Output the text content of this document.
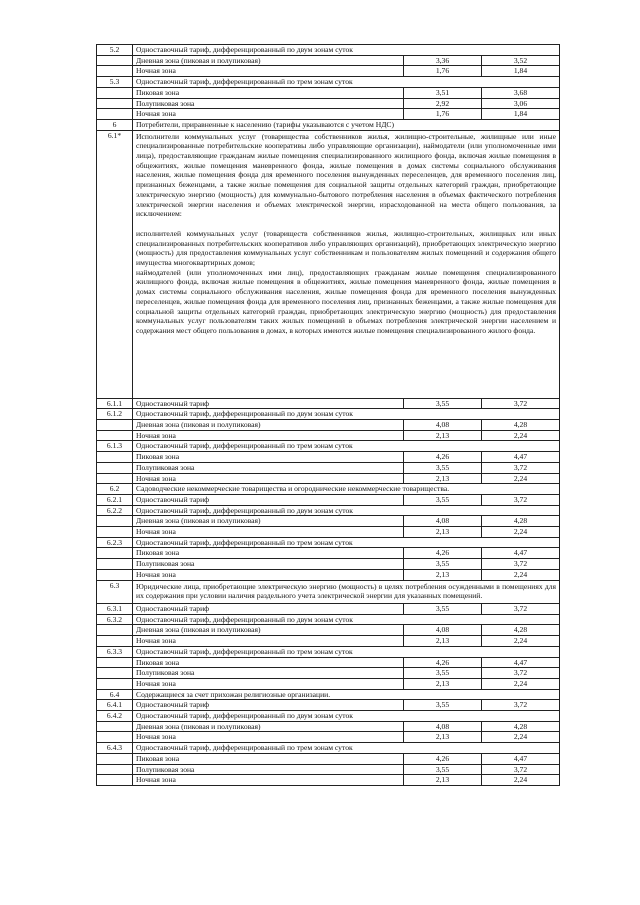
5.2	Одноставочный тариф, дифференцированный по двум зонам суток		
	Дневная зона (пиковая и полупиковая)	3,36	3,52
	Ночная зона	1,76	1,84
5.3	Одноставочный тариф, дифференцированный по трем зонам суток		
	Пиковая зона	3,51	3,68
	Полупиковая зона	2,92	3,06
	Ночная зона	1,76	1,84
6	Потребители, приравненные к населению (тарифы указываются с учетом НДС)		
6.1*	Исполнители коммунальных услуг (товарищества собственников жилья, жилищно-строительные, жилищные или иные специализированные потребительские кооперативы либо управляющие организации), наймодатели (или уполномоченные ими лица), предоставляющие гражданам жилые помещения специализированного жилищного фонда, включая жилые помещения в общежитиях, жилые помещения маневренного фонда, жилые помещения в домах системы социального обслуживания населения, жилые помещения фонда для временного поселения вынужденных переселенцев, для временного поселения лиц, признанных беженцами, а также жилые помещения для социальной защиты отдельных категорий граждан, приобретающие электрическую энергию (мощность) для коммунально-бытового потребления населения в объемах фактического потребления электрической энергии населения и объемах электрической энергии, израсходованной на места общего пользования, за исключением:

исполнителей коммунальных услуг (товариществ собственников жилья, жилищно-строительных, жилищных или иных специализированных потребительских кооперативов либо управляющих организаций), приобретающих электрическую энергию (мощность) для предоставления коммунальных услуг собственникам и пользователям жилых помещений и содержания общего имущества многоквартирных домов;

наймодателей (или уполномоченных ими лиц), предоставляющих гражданам жилые помещения специализированного жилищного фонда, включая жилые помещения в общежитиях, жилые помещения маневренного фонда, жилые помещения в домах системы социального обслуживания населения, жилые помещения фонда для временного поселения вынужденных переселенцев, жилые помещения фонда для временного поселения лиц, признанных беженцами, а также жилые помещения для социальной защиты отдельных категорий граждан, приобретающих электрическую энергию (мощность) для предоставления коммунальных услуг пользователям таких жилых помещений в объемах потребления электрической энергии населением и содержания мест общего пользования в домах, в которых имеются жилые помещения специализированного жилого фонда.		

6.1.1	Одноставочный тариф	3,55	3,72
6.1.2	Одноставочный тариф, дифференцированный по двум зонам суток		
	Дневная зона (пиковая и полупиковая)	4,08	4,28
	Ночная зона	2,13	2,24
6.1.3	Одноставочный тариф, дифференцированный по трем зонам суток		
	Пиковая зона	4,26	4,47
	Полупиковая зона	3,55	3,72
	Ночная зона	2,13	2,24
6.2	Садоводческие некоммерческие товарищества и огороднические некоммерческие товарищества.		
6.2.1	Одноставочный тариф	3,55	3,72
6.2.2	Одноставочный тариф, дифференцированный по двум зонам суток		
	Дневная зона (пиковая и полупиковая)	4,08	4,28
	Ночная зона	2,13	2,24
6.2.3	Одноставочный тариф, дифференцированный по трем зонам суток		
	Пиковая зона	4,26	4,47
	Полупиковая зона	3,55	3,72
	Ночная зона	2,13	2,24
6.3	Юридические лица, приобретающие электрическую энергию (мощность) в целях потребления осужденными в помещениях для их содержания при условии наличия раздельного учета электрической энергии для указанных помещений.		

6.3.1	Одноставочный тариф	3,55	3,72
6.3.2	Одноставочный тариф, дифференцированный по двум зонам суток		
	Дневная зона (пиковая и полупиковая)	4,08	4,28
	Ночная зона	2,13	2,24
6.3.3	Одноставочный тариф, дифференцированный по трем зонам суток		
	Пиковая зона	4,26	4,47
	Полупиковая зона	3,55	3,72
	Ночная зона	2,13	2,24
6.4	Содержащиеся за счет прихожан религиозные организации.		
6.4.1	Одноставочный тариф	3,55	3,72
6.4.2	Одноставочный тариф, дифференцированный по двум зонам суток		
	Дневная зона (пиковая и полупиковая)	4,08	4,28
	Ночная зона	2,13	2,24
6.4.3	Одноставочный тариф, дифференцированный по трем зонам суток		
	Пиковая зона	4,26	4,47
	Полупиковая зона	3,55	3,72
	Ночная зона	2,13	2,24
